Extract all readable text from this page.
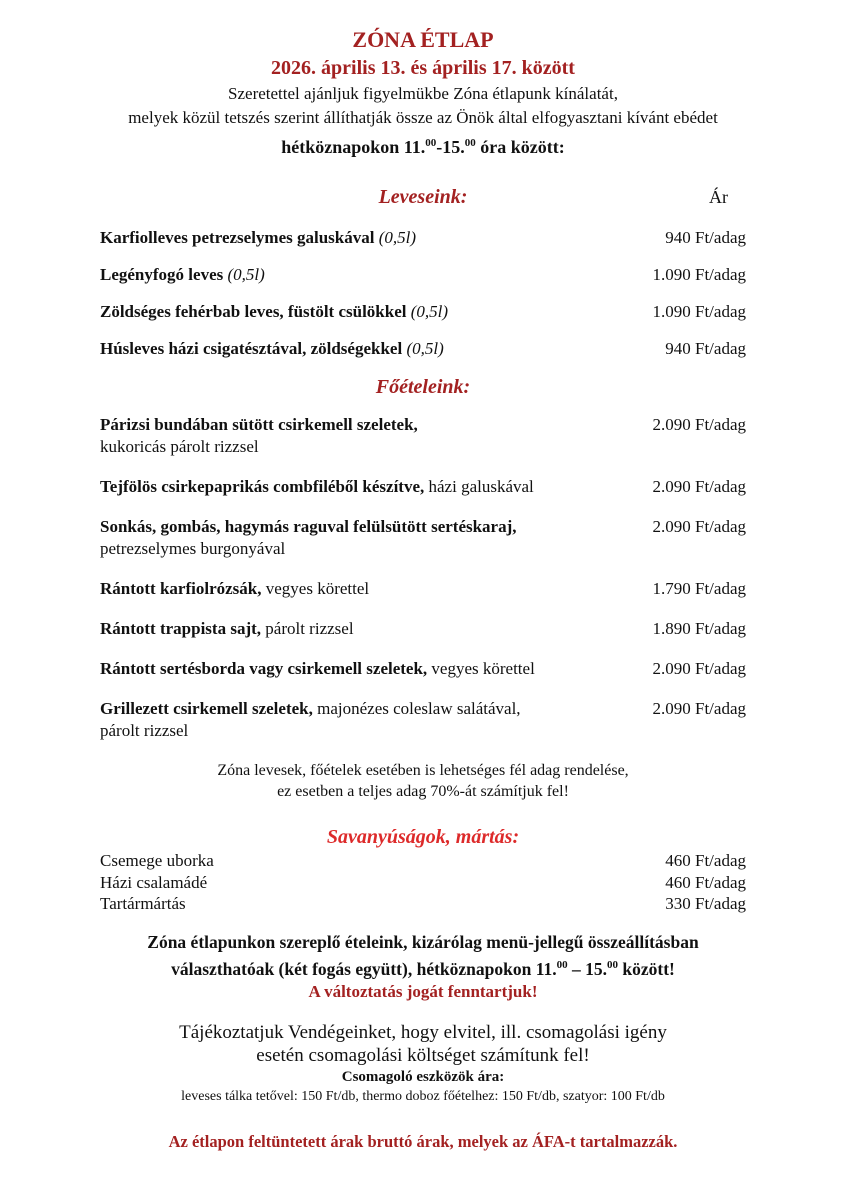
ZÓNA ÉTLAP
2026. április 13. és április 17. között
Szeretettel ajánljuk figyelmükbe Zóna étlapunk kínálatát,
melyek közül tetszés szerint állíthatják össze az Önök által elfogyasztani kívánt ebédet
hétköznapokon 11.00-15.00 óra között:
Leveseink:	Ár
Karfiolleves petrezselymes galuskával (0,5l)	940 Ft/adag
Legényfogó leves (0,5l)	1.090 Ft/adag
Zöldséges fehérbab leves, füstölt csülökkel (0,5l)	1.090 Ft/adag
Húsleves házi csigatésztával, zöldségekkel (0,5l)	940 Ft/adag
Főételeink:
Párizsi bundában sütött csirkemell szeletek,
kukoricás párolt rizzsel
2.090 Ft/adag
Tejfölös csirkepaprikás combfiléből készítve, házi galuskával	2.090 Ft/adag
Sonkás, gombás, hagymás raguval felülsütött sertéskaraj,
petrezselymes burgonyával
2.090 Ft/adag
Rántott karfiolrózsák, vegyes körettel	1.790 Ft/adag
Rántott trappista sajt, párolt rizzsel	1.890 Ft/adag
Rántott sertésborda vagy csirkemell szeletek, vegyes körettel	2.090 Ft/adag
Grillezett csirkemell szeletek, majonézes coleslaw salátával,
párolt rizzsel
2.090 Ft/adag
Zóna levesek, főételek esetében is lehetséges fél adag rendelése,
ez esetben a teljes adag 70%-át számítjuk fel!
Savanyúságok, mártás:
Csemege uborka	460 Ft/adag
Házi csalamádé	460 Ft/adag
Tartármártás	330 Ft/adag
Zóna étlapunkon szereplő ételeink, kizárólag menü-jellegű összeállításban
választhatóak (két fogás együtt), hétköznapokon 11.00 – 15.00 között!
A változtatás jogát fenntartjuk!
Tájékoztatjuk Vendégeinket, hogy elvitel, ill. csomagolási igény
esetén csomagolási költséget számítunk fel!
Csomagoló eszközök ára:
leveses tálka tetővel: 150 Ft/db, thermo doboz főételhez: 150 Ft/db, szatyor: 100 Ft/db
Az étlapon feltüntetett árak bruttó árak, melyek az ÁFA-t tartalmazzák.
